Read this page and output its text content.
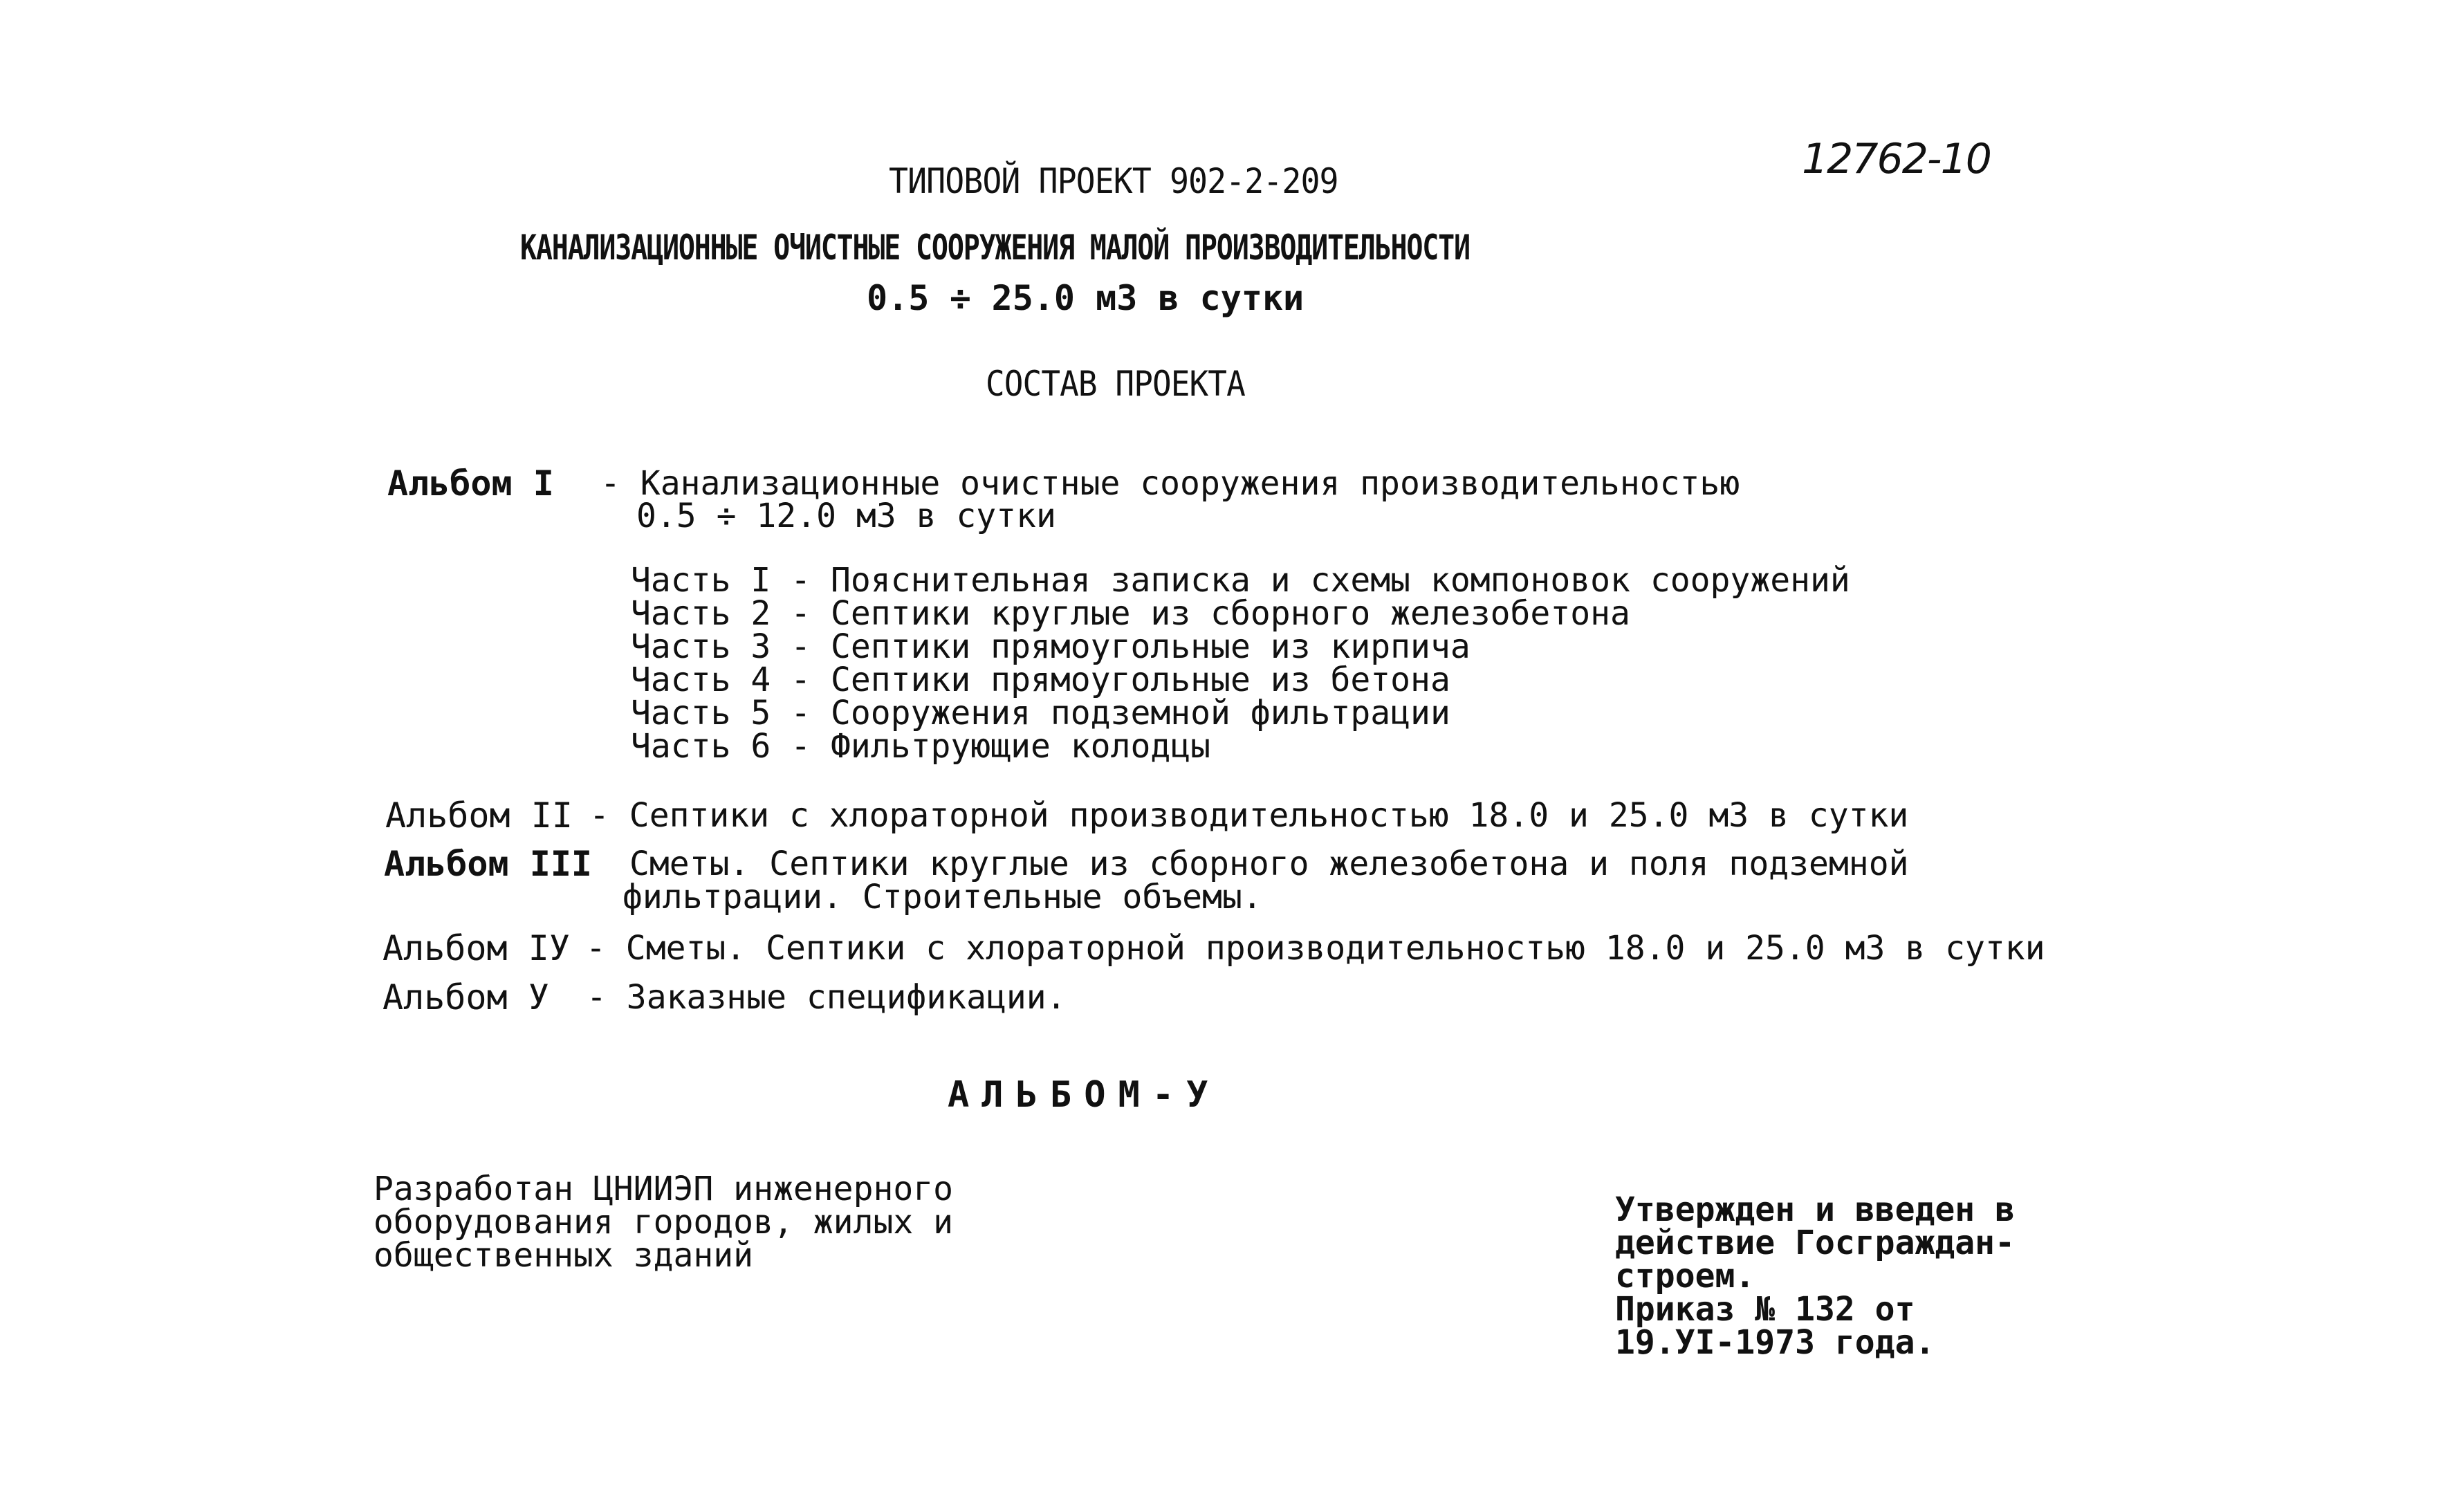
12762-10
ТИПОВОЙ ПРОЕКТ 902-2-209
КАНАЛИЗАЦИОННЫЕ ОЧИСТНЫЕ СООРУЖЕНИЯ МАЛОЙ ПРОИЗВОДИТЕЛЬНОСТИ
0.5 ÷ 25.0 м3 в сутки
СОСТАВ ПРОЕКТА
Альбом I - Канализационные очистные сооружения производительностью
0.5 ÷ 12.0 м3 в сутки
Часть I - Пояснительная записка и схемы компоновок сооружений
Часть 2 - Септики круглые из сборного железобетона
Часть 3 - Септики прямоугольные из кирпича
Часть 4 - Септики прямоугольные из бетона
Часть 5 - Сооружения подземной фильтрации
Часть 6 - Фильтрующие колодцы
Альбом II - Септики с хлораторной производительностью 18.0 и 25.0 м3 в сутки
Альбом III Сметы. Септики круглые из сборного железобетона и поля подземной
фильтрации. Строительные объемы.
Альбом IУ - Сметы. Септики с хлораторной производительностью 18.0 и 25.0 м3 в сутки
Альбом У - Заказные спецификации.
АЛЬБОМ-У
Разработан ЦНИИЭП инженерного
оборудования городов, жилых и
общественных зданий
Утвержден и введен в
действие Госграждан-
строем.
Приказ № 132 от
19.УI-1973 года.
